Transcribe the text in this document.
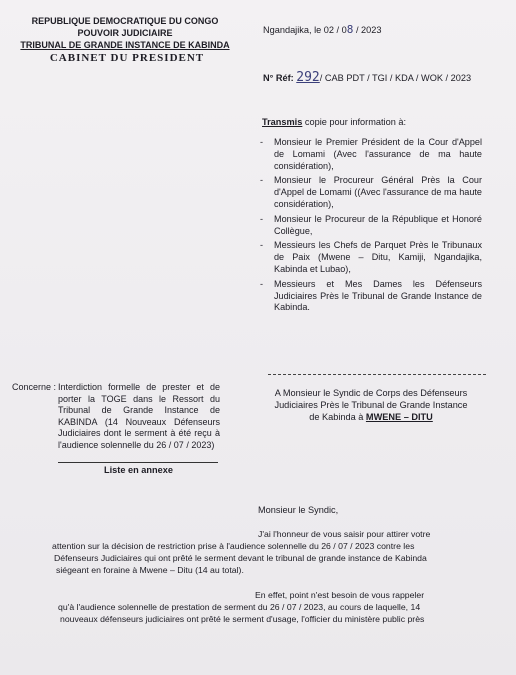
REPUBLIQUE DEMOCRATIQUE DU CONGO
POUVOIR JUDICIAIRE
TRIBUNAL DE GRANDE INSTANCE DE KABINDA
CABINET DU PRESIDENT
Ngandajika, le 02 / 08 / 2023
N° Réf: 292/ CAB PDT / TGI / KDA / WOK / 2023
Transmis copie pour information à:
- Monsieur le Premier Président de la Cour d'Appel de Lomami (Avec l'assurance de ma haute considération),
- Monsieur le Procureur Général Près la Cour d'Appel de Lomami ((Avec l'assurance de ma haute considération),
- Monsieur le Procureur de la République et Honoré Collègue,
- Messieurs les Chefs de Parquet Près le Tribunaux de Paix (Mwene – Ditu, Kamiji, Ngandajika, Kabinda et Lubao),
- Messieurs et Mes Dames les Défenseurs Judiciaires Près le Tribunal de Grande Instance de Kabinda.
Concerne : Interdiction formelle de prester et de porter la TOGE dans le Ressort du Tribunal de Grande Instance de KABINDA (14 Nouveaux Défenseurs Judiciaires dont le serment à été reçu à l'audience solennelle du 26 / 07 / 2023)
Liste en annexe
A Monsieur le Syndic de Corps des Défenseurs
Judiciaires Près le Tribunal de Grande Instance
de Kabinda à MWENE – DITU
Monsieur le Syndic,
J'ai l'honneur de vous saisir pour attirer votre
attention sur la décision de restriction prise à l'audience solennelle du 26 / 07 / 2023 contre les
Défenseurs Judiciaires qui ont prêté le serment devant le tribunal de grande instance de Kabinda
siégeant en foraine à Mwene – Ditu (14 au total).
En effet, point n'est besoin de vous rappeler
qu'à l'audience solennelle de prestation de serment du 26 / 07 / 2023, au cours de laquelle, 14
nouveaux défenseurs judiciaires ont prêté le serment d'usage, l'officier du ministère public près
